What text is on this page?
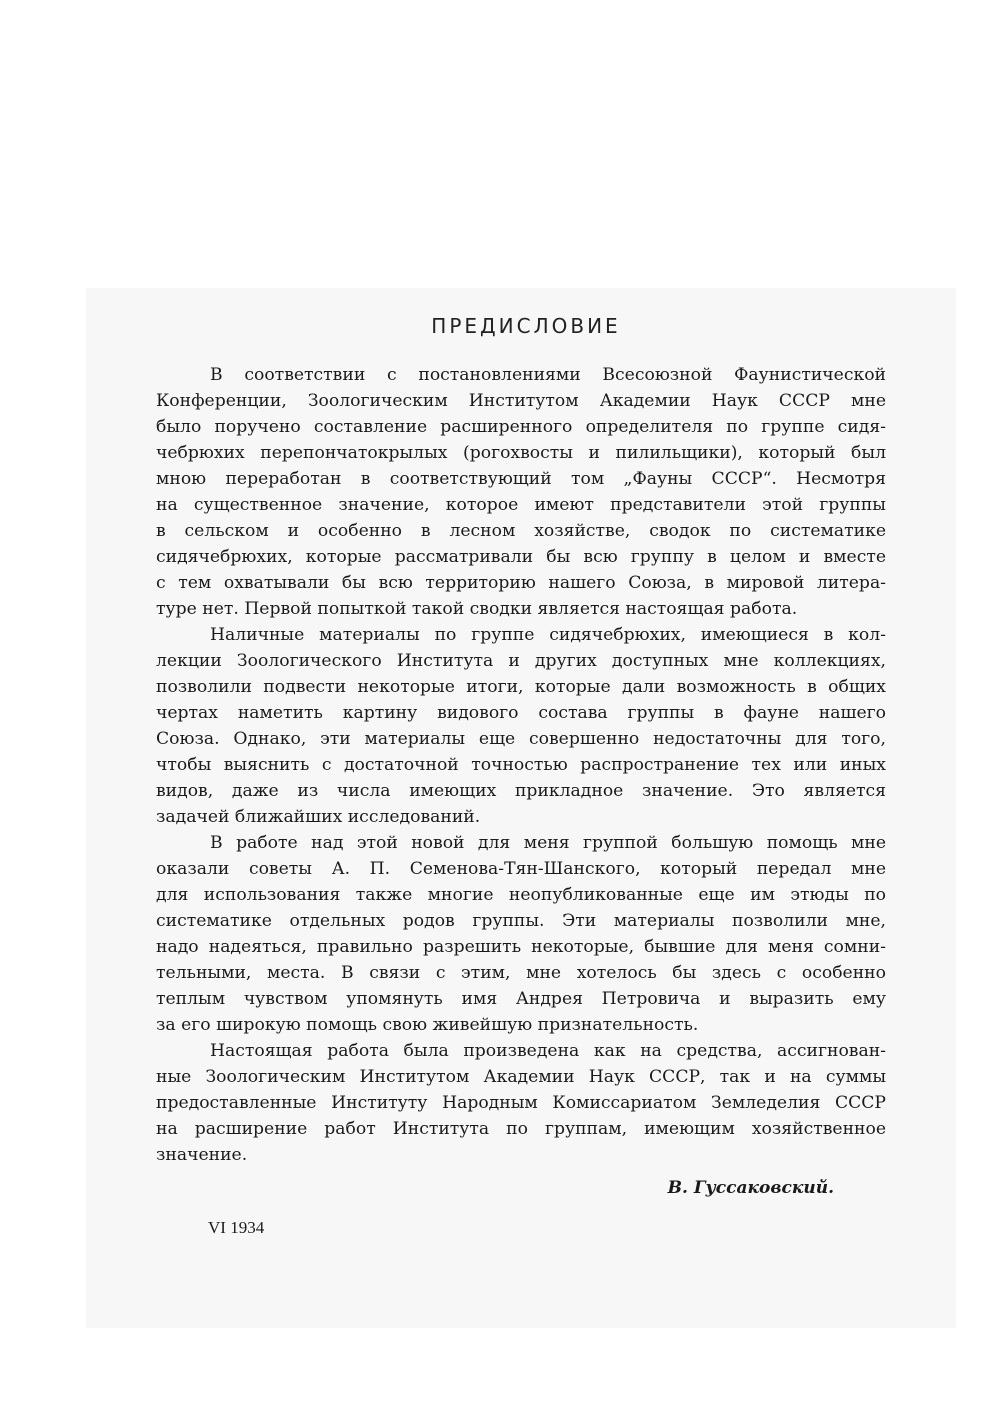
ПРЕДИСЛОВИЕ
В соответствии с постановлениями Всесоюзной Фаунистической
Конференции, Зоологическим Институтом Академии Наук СССР мне
было поручено составление расширенного определителя по группе сидя-
чебрюхих перепончатокрылых (рогохвосты и пилильщики), который был
мною переработан в соответствующий том „Фауны СССР“. Несмотря
на существенное значение, которое имеют представители этой группы
в сельском и особенно в лесном хозяйстве, сводок по систематике
сидячебрюхих, которые рассматривали бы всю группу в целом и вместе
с тем охватывали бы всю территорию нашего Союза, в мировой литера-
туре нет. Первой попыткой такой сводки является настоящая работа.
Наличные материалы по группе сидячебрюхих, имеющиеся в кол-
лекции Зоологического Института и других доступных мне коллекциях,
позволили подвести некоторые итоги, которые дали возможность в общих
чертах наметить картину видового состава группы в фауне нашего
Союза. Однако, эти материалы еще совершенно недостаточны для того,
чтобы выяснить с достаточной точностью распространение тех или иных
видов, даже из числа имеющих прикладное значение. Это является
задачей ближайших исследований.
В работе над этой новой для меня группой большую помощь мне
оказали советы А. П. Семенова-Тян-Шанского, который передал мне
для использования также многие неопубликованные еще им этюды по
систематике отдельных родов группы. Эти материалы позволили мне,
надо надеяться, правильно разрешить некоторые, бывшие для меня сомни-
тельными, места. В связи с этим, мне хотелось бы здесь с особенно
теплым чувством упомянуть имя Андрея Петровича и выразить ему
за его широкую помощь свою живейшую признательность.
Настоящая работа была произведена как на средства, ассигнован-
ные Зоологическим Институтом Академии Наук СССР, так и на суммы
предоставленные Институту Народным Комиссариатом Земледелия СССР
на расширение работ Института по группам, имеющим хозяйственное
значение.
В. Гуссаковский.
VI 1934
